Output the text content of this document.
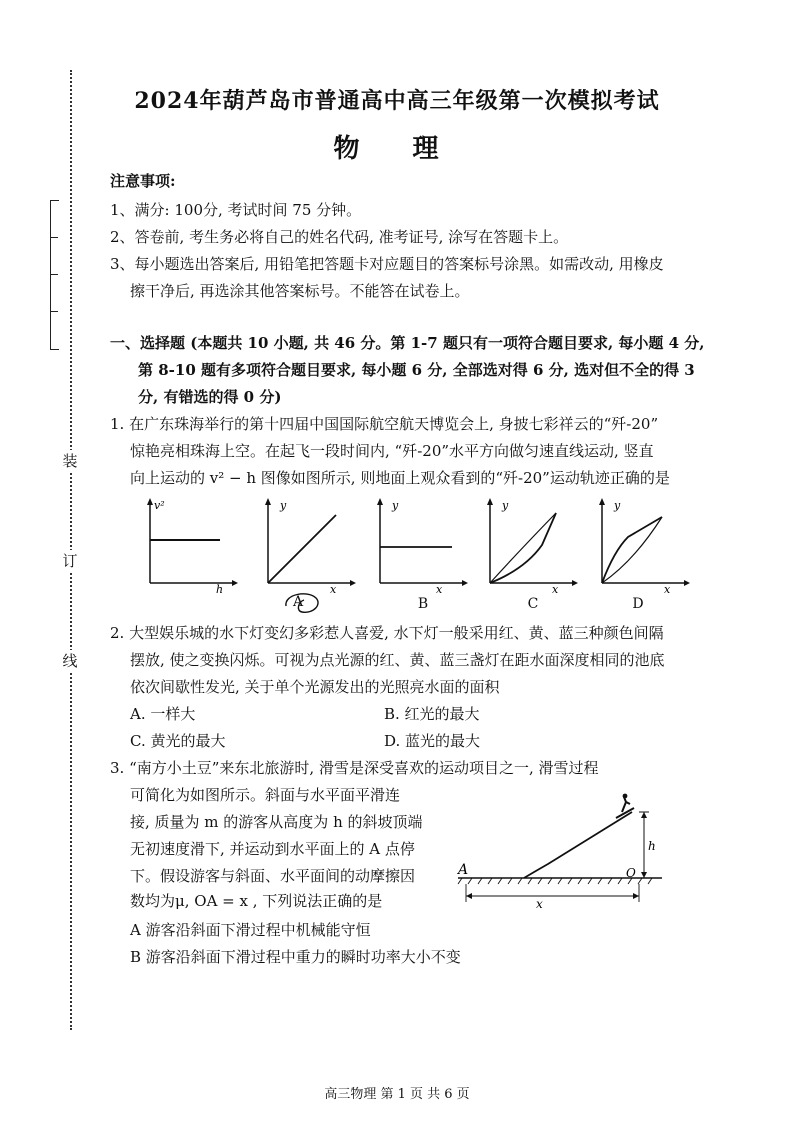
装
订
线
2024年葫芦岛市普通高中高三年级第一次模拟考试
物 理
注意事项:
1、满分: 100分, 考试时间 75 分钟。
2、答卷前, 考生务必将自己的姓名代码, 准考证号, 涂写在答题卡上。
3、每小题选出答案后, 用铅笔把答题卡对应题目的答案标号涂黑。如需改动, 用橡皮
擦干净后, 再选涂其他答案标号。不能答在试卷上。
一、选择题 (本题共 10 小题, 共 46 分。第 1-7 题只有一项符合题目要求, 每小题 4 分,
第 8-10 题有多项符合题目要求, 每小题 6 分, 全部选对得 6 分, 选对但不全的得 3
分, 有错选的得 0 分)
1. 在广东珠海举行的第十四届中国国际航空航天博览会上, 身披七彩祥云的“歼-20”
惊艳亮相珠海上空。在起飞一段时间内, “歼-20”水平方向做匀速直线运动, 竖直
向上运动的 v² − h 图像如图所示, 则地面上观众看到的“歼-20”运动轨迹正确的是
v²
h
y
x
y
x
y
x
y
x
A	B	C	D
2. 大型娱乐城的水下灯变幻多彩惹人喜爱, 水下灯一般采用红、黄、蓝三种颜色间隔
摆放, 使之变换闪烁。可视为点光源的红、黄、蓝三盏灯在距水面深度相同的池底
依次间歇性发光, 关于单个光源发出的光照亮水面的面积
A. 一样大	B. 红光的最大
C. 黄光的最大	D. 蓝光的最大
3. “南方小土豆”来东北旅游时, 滑雪是深受喜欢的运动项目之一, 滑雪过程
可简化为如图所示。斜面与水平面平滑连
接, 质量为 m 的游客从高度为 h 的斜坡顶端
无初速度滑下, 并运动到水平面上的 A 点停
下。假设游客与斜面、水平面间的动摩擦因
数均为μ, OA = x , 下列说法正确的是
A 游客沿斜面下滑过程中机械能守恒
B 游客沿斜面下滑过程中重力的瞬时功率大小不变
h
A	O
x
高三物理 第 1 页 共 6 页
